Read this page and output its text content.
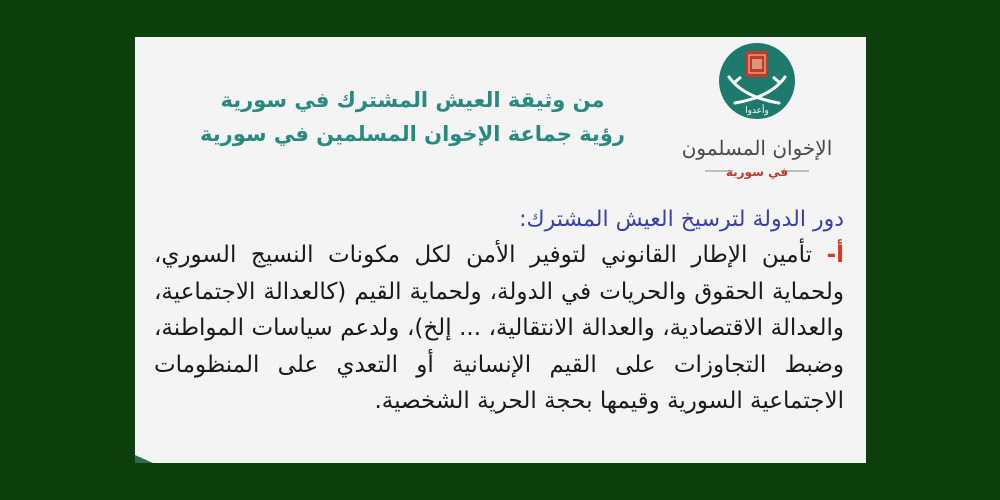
من وثيقة العيش المشترك في سورية
رؤية جماعة الإخوان المسلمين في سورية
وأعدوا
الإخوان المسلمون
في سورية
دور الدولة لترسيخ العيش المشترك:
أ- تأمين الإطار القانوني لتوفير الأمن لكل مكونات النسيج السوري، ولحماية الحقوق والحريات في الدولة، ولحماية القيم (كالعدالة الاجتماعية، والعدالة الاقتصادية، والعدالة الانتقالية، ... إلخ)، ولدعم سياسات المواطنة، وضبط التجاوزات على القيم الإنسانية أو التعدي على المنظومات الاجتماعية السورية وقيمها بحجة الحرية الشخصية.
